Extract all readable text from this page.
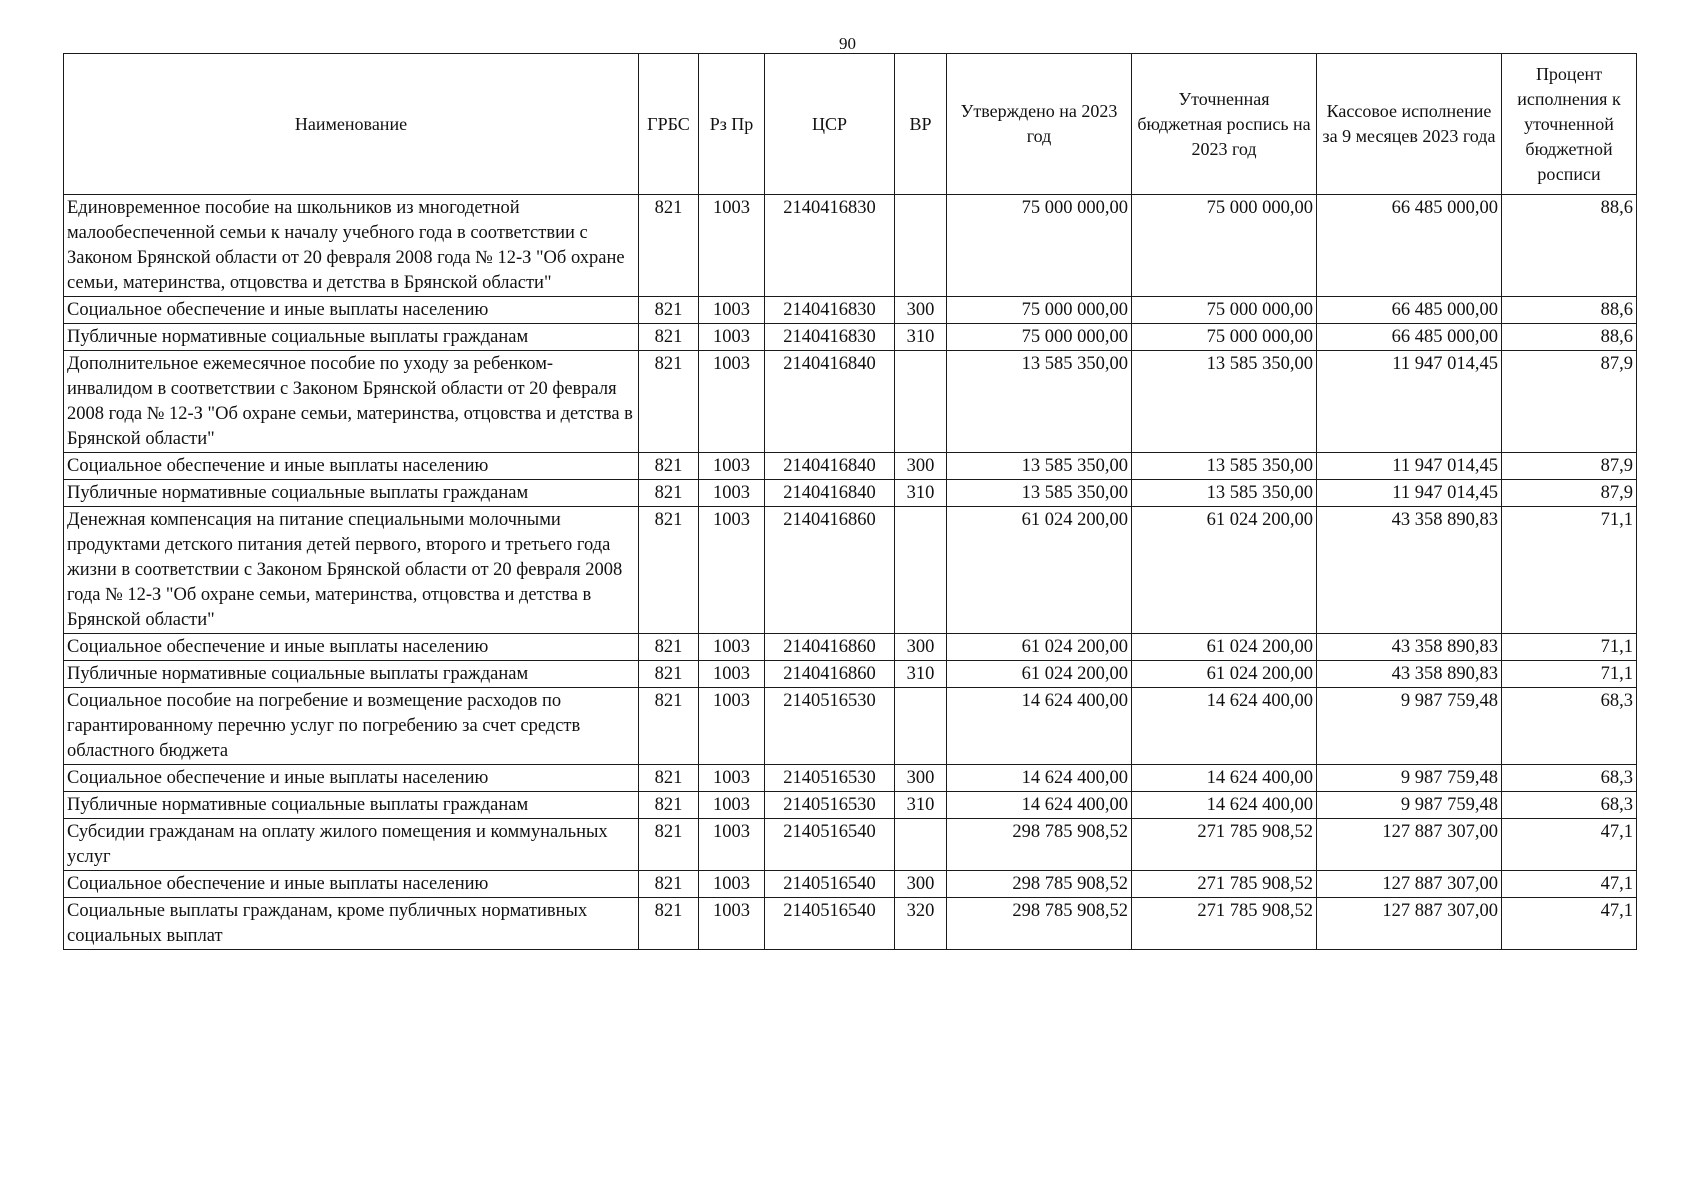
90
Наименование	ГРБС	Рз Пр	ЦСР	ВР	Утверждено на 2023 год	Уточненная бюджетная роспись на 2023 год	Кассовое исполнение за 9 месяцев 2023 года	Процент исполнения к уточненной бюджетной росписи
Единовременное пособие на школьников из многодетной малообеспеченной семьи к началу учебного года в соответствии с Законом Брянской области от 20 февраля 2008 года № 12-З "Об охране семьи, материнства, отцовства и детства в Брянской области"	821	1003	2140416830		75 000 000,00	75 000 000,00	66 485 000,00	88,6
Социальное обеспечение и иные выплаты населению	821	1003	2140416830	300	75 000 000,00	75 000 000,00	66 485 000,00	88,6
Публичные нормативные социальные выплаты гражданам	821	1003	2140416830	310	75 000 000,00	75 000 000,00	66 485 000,00	88,6
Дополнительное ежемесячное пособие по уходу за ребенком-инвалидом в соответствии с Законом Брянской области от 20 февраля 2008 года № 12-З "Об охране семьи, материнства, отцовства и детства в Брянской области"	821	1003	2140416840		13 585 350,00	13 585 350,00	11 947 014,45	87,9
Социальное обеспечение и иные выплаты населению	821	1003	2140416840	300	13 585 350,00	13 585 350,00	11 947 014,45	87,9
Публичные нормативные социальные выплаты гражданам	821	1003	2140416840	310	13 585 350,00	13 585 350,00	11 947 014,45	87,9
Денежная компенсация на питание специальными молочными продуктами детского питания детей первого, второго и третьего года жизни в соответствии с Законом Брянской области от 20 февраля 2008 года № 12-З "Об охране семьи, материнства, отцовства и детства в Брянской области"	821	1003	2140416860		61 024 200,00	61 024 200,00	43 358 890,83	71,1
Социальное обеспечение и иные выплаты населению	821	1003	2140416860	300	61 024 200,00	61 024 200,00	43 358 890,83	71,1
Публичные нормативные социальные выплаты гражданам	821	1003	2140416860	310	61 024 200,00	61 024 200,00	43 358 890,83	71,1
Социальное пособие на погребение и возмещение расходов по гарантированному перечню услуг по погребению за счет средств областного бюджета	821	1003	2140516530		14 624 400,00	14 624 400,00	9 987 759,48	68,3
Социальное обеспечение и иные выплаты населению	821	1003	2140516530	300	14 624 400,00	14 624 400,00	9 987 759,48	68,3
Публичные нормативные социальные выплаты гражданам	821	1003	2140516530	310	14 624 400,00	14 624 400,00	9 987 759,48	68,3
Субсидии гражданам на оплату жилого помещения и коммунальных услуг	821	1003	2140516540		298 785 908,52	271 785 908,52	127 887 307,00	47,1
Социальное обеспечение и иные выплаты населению	821	1003	2140516540	300	298 785 908,52	271 785 908,52	127 887 307,00	47,1
Социальные выплаты гражданам, кроме публичных нормативных социальных выплат	821	1003	2140516540	320	298 785 908,52	271 785 908,52	127 887 307,00	47,1
